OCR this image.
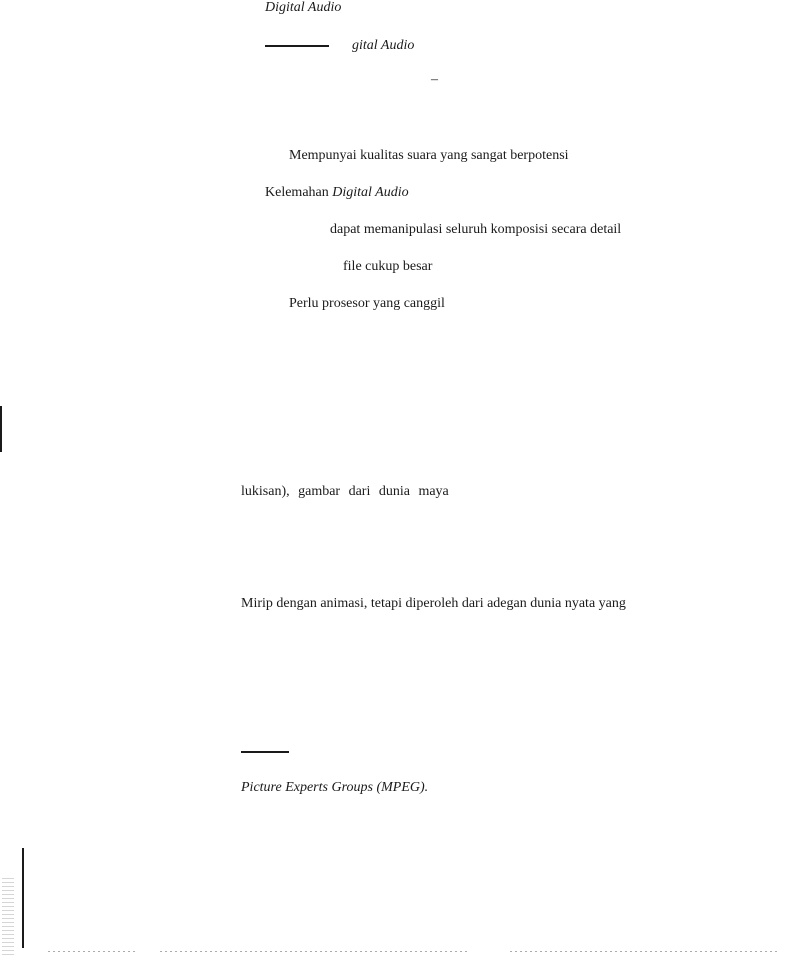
Digital Audio
gital Audio
–
Mempunyai kualitas suara yang sangat berpotensi
Kelemahan Digital Audio
dapat memanipulasi seluruh komposisi secara detail
file cukup besar
Perlu prosesor yang canggil
lukisan), gambar dari dunia maya
Mirip dengan animasi, tetapi diperoleh dari adegan dunia nyata yang
Picture Experts Groups (MPEG).
